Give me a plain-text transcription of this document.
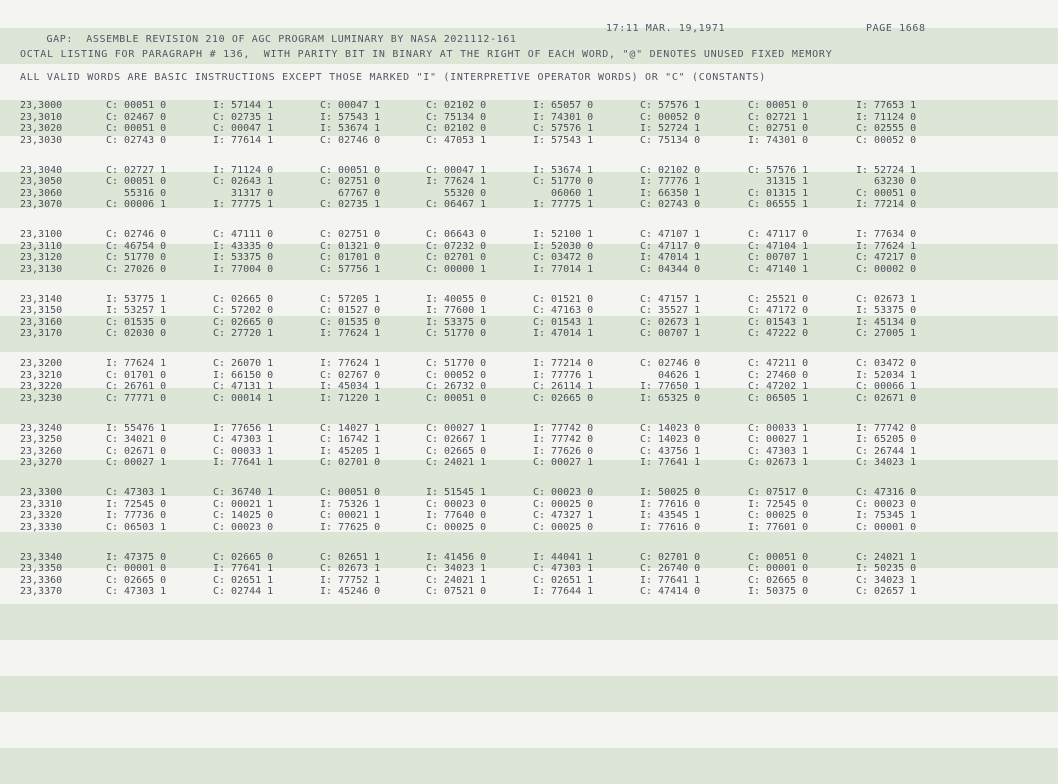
GAP:  ASSEMBLE REVISION 210 OF AGC PROGRAM LUMINARY BY NASA 2021112-161

17:11 MAR. 19,1971	PAGE 1668
OCTAL LISTING FOR PARAGRAPH # 136,  WITH PARITY BIT IN BINARY AT THE RIGHT OF EACH WORD, "@" DENOTES UNUSED FIXED MEMORY
ALL VALID WORDS ARE BASIC INSTRUCTIONS EXCEPT THOSE MARKED "I" (INTERPRETIVE OPERATOR WORDS) OR "C" (CONSTANTS)
23,3000	C: 00051 0	I: 57144 1	C: 00047 1	C: 02102 0	I: 65057 0	C: 57576 1	C: 00051 0	I: 77653 1
23,3010	C: 02467 0	C: 02735 1	I: 57543 1	C: 75134 0	I: 74301 0	C: 00052 0	C: 02721 1	I: 71124 0
23,3020	C: 00051 0	C: 00047 1	I: 53674 1	C: 02102 0	C: 57576 1	I: 52724 1	C: 02751 0	C: 02555 0
23,3030	C: 02743 0	I: 77614 1	C: 02746 0	C: 47053 1	I: 57543 1	C: 75134 0	I: 74301 0	C: 00052 0
23,3040	C: 02727 1	I: 71124 0	C: 00051 0	C: 00047 1	I: 53674 1	C: 02102 0	C: 57576 1	I: 52724 1
23,3050	C: 00051 0	C: 02643 1	C: 02751 0	I: 77624 1	C: 51770 0	I: 77776 1	31315 1	63230 0
23,3060	55316 0	31317 0	67767 0	55320 0	06060 1	I: 66350 1	C: 01315 1	C: 00051 0
23,3070	C: 00006 1	I: 77775 1	C: 02735 1	C: 06467 1	I: 77775 1	C: 02743 0	C: 06555 1	I: 77214 0
23,3100	C: 02746 0	C: 47111 0	C: 02751 0	C: 06643 0	I: 52100 1	C: 47107 1	C: 47117 0	I: 77634 0
23,3110	C: 46754 0	I: 43335 0	C: 01321 0	C: 07232 0	I: 52030 0	C: 47117 0	C: 47104 1	I: 77624 1
23,3120	C: 51770 0	I: 53375 0	C: 01701 0	C: 02701 0	C: 03472 0	I: 47014 1	C: 00707 1	C: 47217 0
23,3130	C: 27026 0	I: 77004 0	C: 57756 1	C: 00000 1	I: 77014 1	C: 04344 0	C: 47140 1	C: 00002 0
23,3140	I: 53775 1	C: 02665 0	C: 57205 1	I: 40055 0	C: 01521 0	C: 47157 1	C: 25521 0	C: 02673 1
23,3150	I: 53257 1	C: 57202 0	C: 01527 0	I: 77600 1	C: 47163 0	C: 35527 1	C: 47172 0	I: 53375 0
23,3160	C: 01535 0	C: 02665 0	C: 01535 0	I: 53375 0	C: 01543 1	C: 02673 1	C: 01543 1	I: 45134 0
23,3170	C: 02030 0	C: 27720 1	I: 77624 1	C: 51770 0	I: 47014 1	C: 00707 1	C: 47222 0	C: 27005 1
23,3200	I: 77624 1	C: 26070 1	I: 77624 1	C: 51770 0	I: 77214 0	C: 02746 0	C: 47211 0	C: 03472 0
23,3210	C: 01701 0	I: 66150 0	C: 02767 0	C: 00052 0	I: 77776 1	04626 1	C: 27460 0	I: 52034 1
23,3220	C: 26761 0	C: 47131 1	I: 45034 1	C: 26732 0	C: 26114 1	I: 77650 1	C: 47202 1	C: 00066 1
23,3230	C: 77771 0	C: 00014 1	I: 71220 1	C: 00051 0	C: 02665 0	I: 65325 0	C: 06505 1	C: 02671 0
23,3240	I: 55476 1	I: 77656 1	C: 14027 1	C: 00027 1	I: 77742 0	C: 14023 0	C: 00033 1	I: 77742 0
23,3250	C: 34021 0	C: 47303 1	C: 16742 1	C: 02667 1	I: 77742 0	C: 14023 0	C: 00027 1	I: 65205 0
23,3260	C: 02671 0	C: 00033 1	I: 45205 1	C: 02665 0	I: 77626 0	C: 43756 1	C: 47303 1	C: 26744 1
23,3270	C: 00027 1	I: 77641 1	C: 02701 0	C: 24021 1	C: 00027 1	I: 77641 1	C: 02673 1	C: 34023 1
23,3300	C: 47303 1	C: 36740 1	C: 00051 0	I: 51545 1	C: 00023 0	I: 50025 0	C: 07517 0	C: 47316 0
23,3310	I: 72545 0	C: 00021 1	I: 75326 1	C: 00023 0	C: 00025 0	I: 77616 0	I: 72545 0	C: 00023 0
23,3320	I: 77736 0	C: 14025 0	C: 00021 1	I: 77640 0	C: 47327 1	I: 43545 1	C: 00025 0	I: 75345 1
23,3330	C: 06503 1	C: 00023 0	I: 77625 0	C: 00025 0	C: 00025 0	I: 77616 0	I: 77601 0	C: 00001 0
23,3340	I: 47375 0	C: 02665 0	C: 02651 1	I: 41456 0	I: 44041 1	C: 02701 0	C: 00051 0	C: 24021 1
23,3350	C: 00001 0	I: 77641 1	C: 02673 1	C: 34023 1	C: 47303 1	C: 26740 0	C: 00001 0	I: 50235 0
23,3360	C: 02665 0	C: 02651 1	I: 77752 1	C: 24021 1	C: 02651 1	I: 77641 1	C: 02665 0	C: 34023 1
23,3370	C: 47303 1	C: 02744 1	I: 45246 0	C: 07521 0	I: 77644 1	C: 47414 0	I: 50375 0	C: 02657 1
